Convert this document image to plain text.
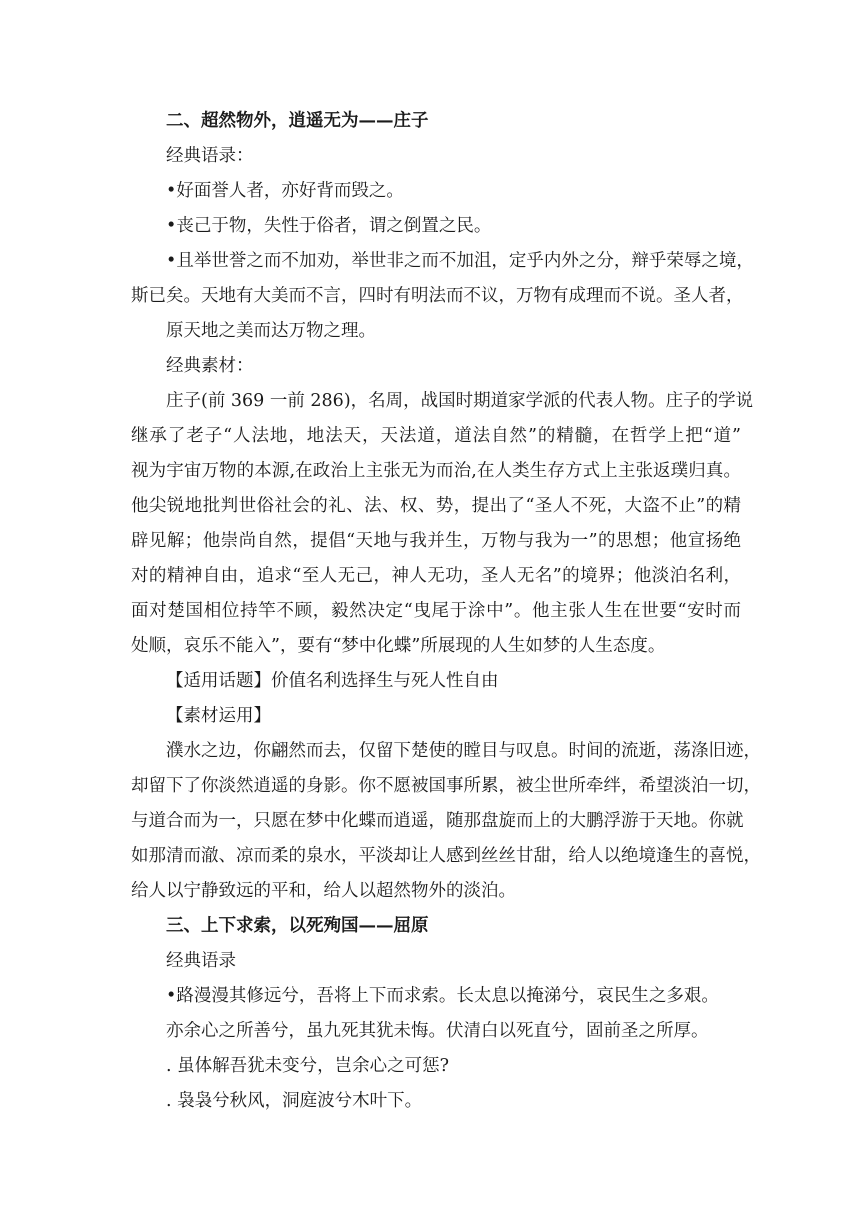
二、超然物外，逍遥无为——庄子

经典语录：

•好面誉人者，亦好背而毁之。

•丧己于物，失性于俗者，谓之倒置之民。

•且举世誉之而不加劝，举世非之而不加沮，定乎内外之分，辩乎荣辱之境，

斯已矣。天地有大美而不言，四时有明法而不议，万物有成理而不说。圣人者，

原天地之美而达万物之理。

经典素材：

庄子(前 369 一前 286)，名周，战国时期道家学派的代表人物。庄子的学说

继承了老子“人法地，地法天，天法道，道法自然”的精髓，在哲学上把“道”

视为宇宙万物的本源,在政治上主张无为而治,在人类生存方式上主张返璞归真。

他尖锐地批判世俗社会的礼、法、权、势，提出了“圣人不死，大盗不止”的精

辟见解；他崇尚自然，提倡“天地与我并生，万物与我为一”的思想；他宣扬绝

对的精神自由，追求“至人无己，神人无功，圣人无名”的境界；他淡泊名利，

面对楚国相位持竿不顾，毅然决定“曳尾于涂中”。他主张人生在世要“安时而

处顺，哀乐不能入”，要有“梦中化蝶”所展现的人生如梦的人生态度。

【适用话题】价值名利选择生与死人性自由

【素材运用】

濮水之边，你翩然而去，仅留下楚使的瞠目与叹息。时间的流逝，荡涤旧迹，

却留下了你淡然逍遥的身影。你不愿被国事所累，被尘世所牵绊，希望淡泊一切，

与道合而为一，只愿在梦中化蝶而逍遥，随那盘旋而上的大鹏浮游于天地。你就

如那清而澈、凉而柔的泉水，平淡却让人感到丝丝甘甜，给人以绝境逢生的喜悦，

给人以宁静致远的平和，给人以超然物外的淡泊。

三、上下求索，以死殉国——屈原

经典语录

•路漫漫其修远兮，吾将上下而求索。长太息以掩涕兮，哀民生之多艰。

亦余心之所善兮，虽九死其犹未悔。伏清白以死直兮，固前圣之所厚。

. 虽体解吾犹未变兮，岂余心之可惩?

. 袅袅兮秋风，洞庭波兮木叶下。
